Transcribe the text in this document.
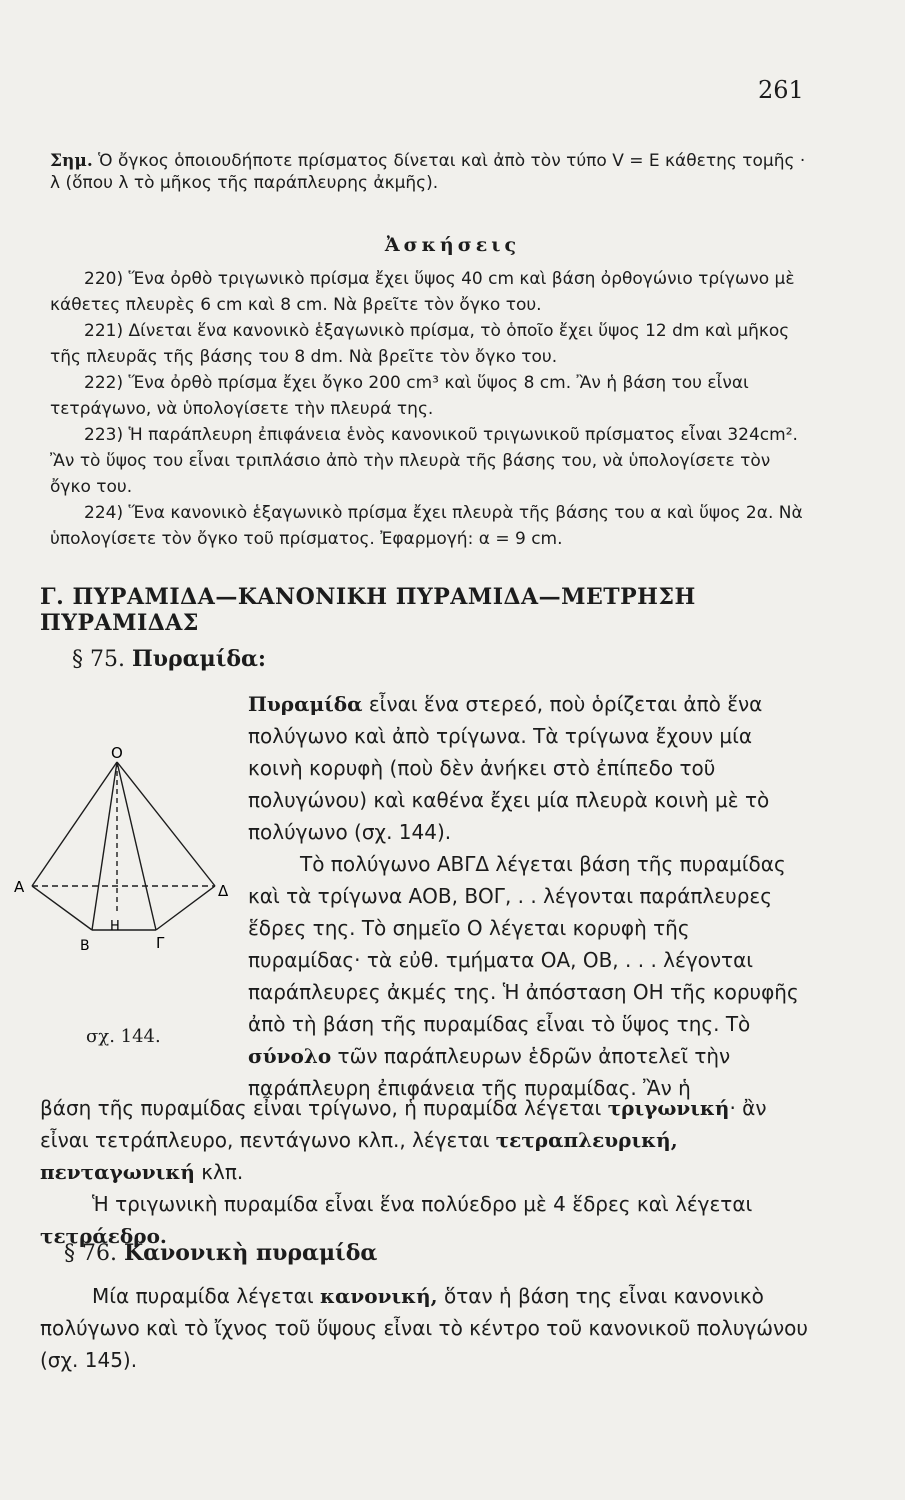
261
Σημ. Ὁ ὄγκος ὁποιουδήποτε πρίσματος δίνεται καὶ ἀπὸ τὸν τύπο V = E κάθετης τομῆς · λ (ὅπου λ τὸ μῆκος τῆς παράπλευρης ἀκμῆς).
Ἀσκήσεις

220) Ἕνα ὀρθὸ τριγωνικὸ πρίσμα ἔχει ὕψος 40 cm καὶ βάση ὀρθογώνιο τρίγωνο μὲ κάθετες πλευρὲς 6 cm καὶ 8 cm. Νὰ βρεῖτε τὸν ὄγκο του.

221) Δίνεται ἕνα κανονικὸ ἑξαγωνικὸ πρίσμα, τὸ ὁποῖο ἔχει ὕψος 12 dm καὶ μῆκος τῆς πλευρᾶς τῆς βάσης του 8 dm. Νὰ βρεῖτε τὸν ὄγκο του.

222) Ἕνα ὀρθὸ πρίσμα ἔχει ὄγκο 200 cm³ καὶ ὕψος 8 cm. Ἂν ἡ βάση του εἶναι τετράγωνο, νὰ ὑπολογίσετε τὴν πλευρά της.

223) Ἡ παράπλευρη ἐπιφάνεια ἑνὸς κανονικοῦ τριγωνικοῦ πρίσματος εἶναι 324cm². Ἂν τὸ ὕψος του εἶναι τριπλάσιο ἀπὸ τὴν πλευρὰ τῆς βάσης του, νὰ ὑπολογίσετε τὸν ὄγκο του.

224) Ἕνα κανονικὸ ἑξαγωνικὸ πρίσμα ἔχει πλευρὰ τῆς βάσης του α καὶ ὕψος 2α. Νὰ ὑπολογίσετε τὸν ὄγκο τοῦ πρίσματος. Ἐφαρμογή: α = 9 cm.

Γ. ΠΥΡΑΜΙΔΑ—ΚΑΝΟΝΙΚΗ ΠΥΡΑΜΙΔΑ—ΜΕΤΡΗΣΗ ΠΥΡΑΜΙΔΑΣ
§ 75. Πυραμίδα:

Πυραμίδα εἶναι ἕνα στερεό, ποὺ ὁρίζεται ἀπὸ ἕνα πολύγωνο καὶ ἀπὸ τρίγωνα. Τὰ τρίγωνα ἔχουν μία κοινὴ κορυφὴ (ποὺ δὲν ἀνήκει στὸ ἐπίπεδο τοῦ πολυγώνου) καὶ καθένα ἔχει μία πλευρὰ κοινὴ μὲ τὸ πολύγωνο (σχ. 144).

Τὸ πολύγωνο ΑΒΓΔ λέγεται βάση τῆς πυραμίδας καὶ τὰ τρίγωνα ΑΟΒ, ΒΟΓ, . . λέγονται παράπλευρες ἕδρες της. Τὸ σημεῖο Ο λέγεται κορυφὴ τῆς πυραμίδας· τὰ εὐθ. τμήματα ΟΑ, ΟΒ, . . . λέγονται παράπλευρες ἀκμές της. Ἡ ἀπόσταση ΟΗ τῆς κορυφῆς ἀπὸ τὴ βάση τῆς πυραμίδας εἶναι τὸ ὕψος της. Τὸ σύνολο τῶν παράπλευρων ἑδρῶν ἀποτελεῖ τὴν παράπλευρη ἐπιφάνεια τῆς πυραμίδας. Ἂν ἡ

O
Α
Β	Γ
Δ
Η
σχ. 144.

βάση τῆς πυραμίδας εἶναι τρίγωνο, ἡ πυραμίδα λέγεται τριγωνική· ἂν εἶναι τετράπλευρο, πεντάγωνο κλπ., λέγεται τετραπλευρική, πενταγωνική κλπ.

Ἡ τριγωνικὴ πυραμίδα εἶναι ἕνα πολύεδρο μὲ 4 ἕδρες καὶ λέγεται τετράεδρο.

§ 76. Κανονικὴ πυραμίδα

Μία πυραμίδα λέγεται κανονική, ὅταν ἡ βάση της εἶναι κανονικὸ πολύγωνο καὶ τὸ ἴχνος τοῦ ὕψους εἶναι τὸ κέντρο τοῦ κανονικοῦ πολυγώνου (σχ. 145).
